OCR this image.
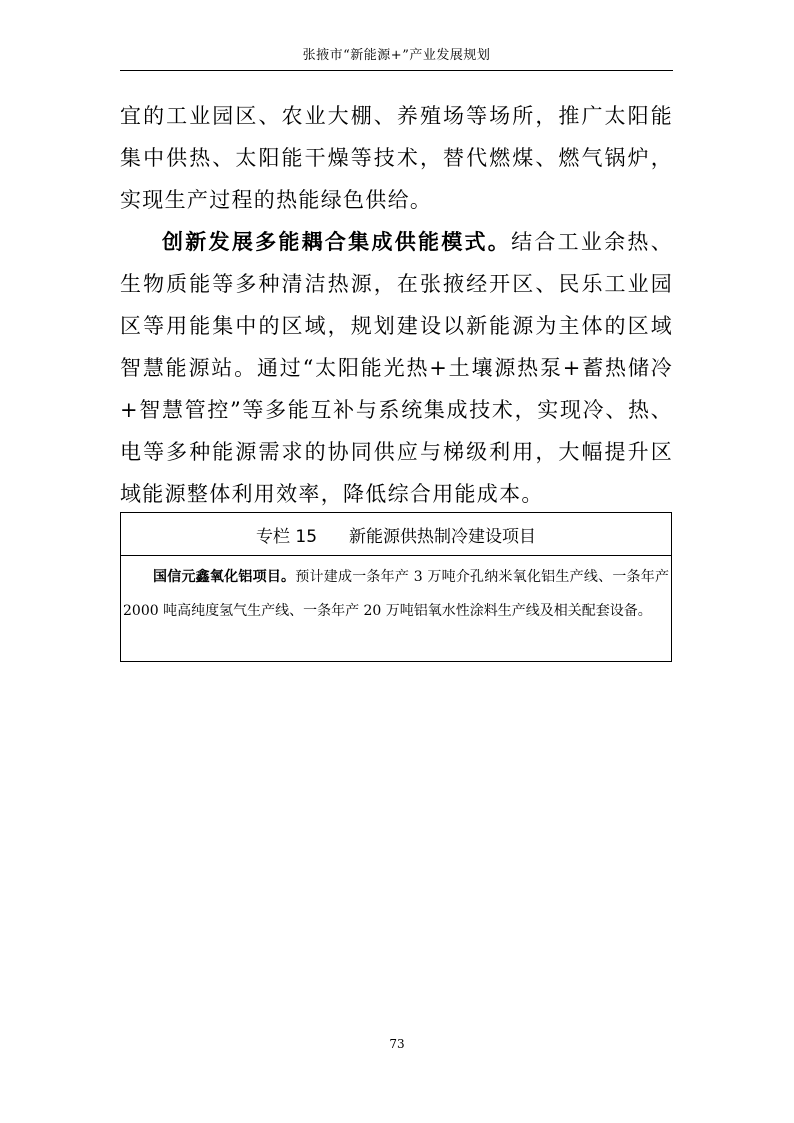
张掖市“新能源+”产业发展规划

宜的工业园区、农业大棚、养殖场等场所，推广太阳能集中供热、太阳能干燥等技术，替代燃煤、燃气锅炉，实现生产过程的热能绿色供给。

创新发展多能耦合集成供能模式。结合工业余热、生物质能等多种清洁热源，在张掖经开区、民乐工业园区等用能集中的区域，规划建设以新能源为主体的区域智慧能源站。通过“太阳能光热+土壤源热泵+蓄热储冷+智慧管控”等多能互补与系统集成技术，实现冷、热、电等多种能源需求的协同供应与梯级利用，大幅提升区域能源整体利用效率，降低综合用能成本。

专栏 15 新能源供热制冷建设项目
国信元鑫氧化铝项目。预计建成一条年产 3 万吨介孔纳米氧化铝生产线、一条年产 2000 吨高纯度氢气生产线、一条年产 20 万吨铝氧水性涂料生产线及相关配套设备。
73
